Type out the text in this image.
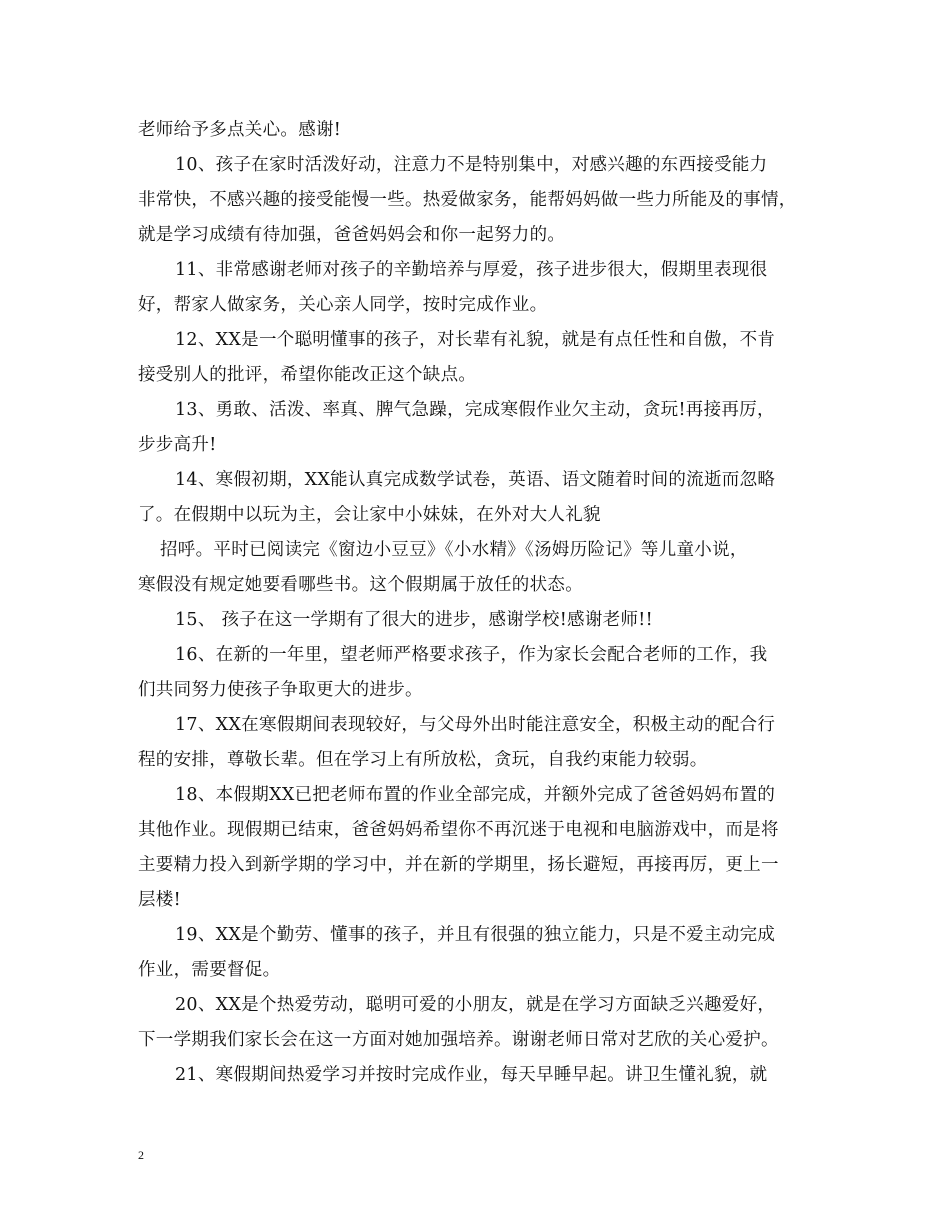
老师给予多点关心。感谢!
10、孩子在家时活泼好动，注意力不是特别集中，对感兴趣的东西接受能力
非常快，不感兴趣的接受能慢一些。热爱做家务，能帮妈妈做一些力所能及的事情，
就是学习成绩有待加强，爸爸妈妈会和你一起努力的。
11、非常感谢老师对孩子的辛勤培养与厚爱，孩子进步很大，假期里表现很
好，帮家人做家务，关心亲人同学，按时完成作业。
12、XX是一个聪明懂事的孩子，对长辈有礼貌，就是有点任性和自傲，不肯
接受别人的批评，希望你能改正这个缺点。
13、勇敢、活泼、率真、脾气急躁，完成寒假作业欠主动，贪玩!再接再厉，
步步高升!
14、寒假初期，XX能认真完成数学试卷，英语、语文随着时间的流逝而忽略
了。在假期中以玩为主，会让家中小妹妹，在外对大人礼貌
招呼。平时已阅读完《窗边小豆豆》《小水精》《汤姆历险记》等儿童小说，
寒假没有规定她要看哪些书。这个假期属于放任的状态。
15、 孩子在这一学期有了很大的进步，感谢学校!感谢老师!!
16、在新的一年里，望老师严格要求孩子，作为家长会配合老师的工作，我
们共同努力使孩子争取更大的进步。
17、XX在寒假期间表现较好，与父母外出时能注意安全，积极主动的配合行
程的安排，尊敬长辈。但在学习上有所放松，贪玩，自我约束能力较弱。
18、本假期XX已把老师布置的作业全部完成，并额外完成了爸爸妈妈布置的
其他作业。现假期已结束，爸爸妈妈希望你不再沉迷于电视和电脑游戏中，而是将
主要精力投入到新学期的学习中，并在新的学期里，扬长避短，再接再厉，更上一
层楼!
19、XX是个勤劳、懂事的孩子，并且有很强的独立能力，只是不爱主动完成
作业，需要督促。
20、XX是个热爱劳动，聪明可爱的小朋友，就是在学习方面缺乏兴趣爱好，
下一学期我们家长会在这一方面对她加强培养。谢谢老师日常对艺欣的关心爱护。
21、寒假期间热爱学习并按时完成作业，每天早睡早起。讲卫生懂礼貌，就
2
